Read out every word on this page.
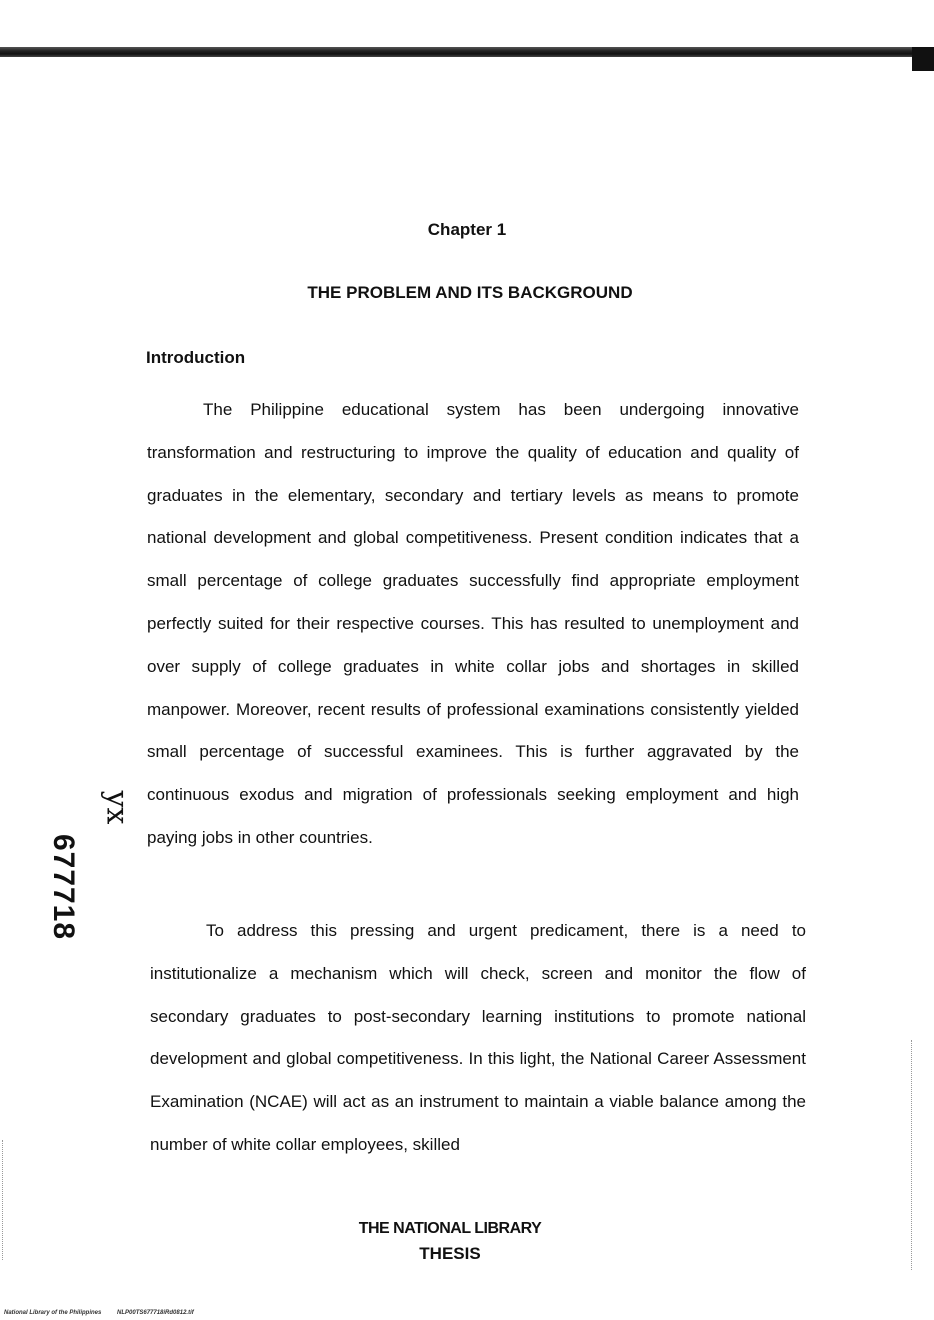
Chapter 1
THE PROBLEM AND ITS BACKGROUND
Introduction

The Philippine educational system has been undergoing innovative transformation and restructuring to improve the quality of education and quality of graduates in the elementary, secondary and tertiary levels as means to promote national development and global competitiveness. Present condition indicates that a small percentage of college graduates successfully find appropriate employment perfectly suited for their respective courses. This has resulted to unemployment and over supply of college graduates in white collar jobs and shortages in skilled manpower. Moreover, recent results of professional examinations consistently yielded small percentage of successful examinees. This is further aggravated by the continuous exodus and migration of professionals seeking employment and high paying jobs in other countries.

To address this pressing and urgent predicament, there is a need to institutionalize a mechanism which will check, screen and monitor the flow of secondary graduates to post-secondary learning institutions to promote national development and global competitiveness. In this light, the National Career Assessment Examination (NCAE) will act as an instrument to maintain a viable balance among the number of white collar employees, skilled

yx
677718
THE NATIONAL LIBRARY
THESIS
National Library of the Philippines	NLP00TS677718iRd0812.tif
